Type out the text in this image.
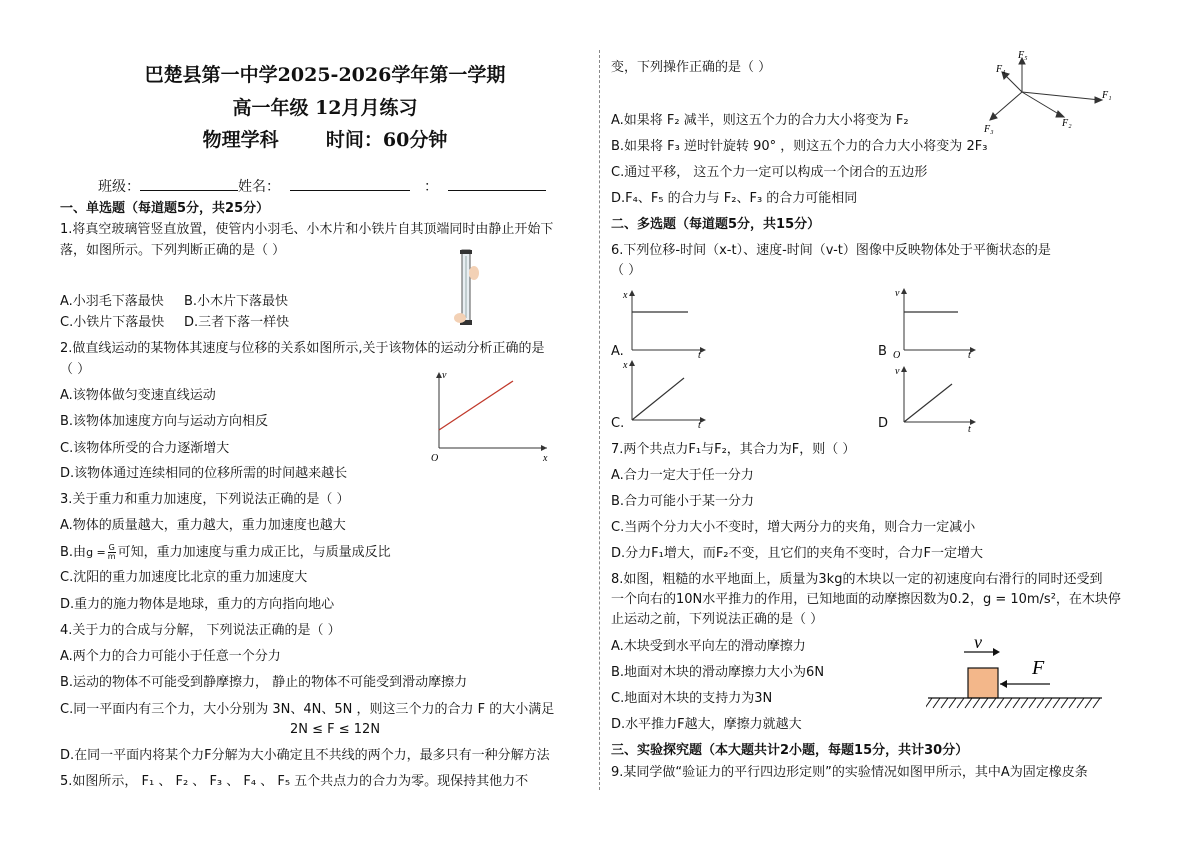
巴楚县第一中学2025-2026学年第一学期
高一年级 12月月练习
物理学科 时间：60分钟
班级：	姓名：	：
一、单选题（每道题5分，共25分）
1.将真空玻璃管竖直放置，使管内小羽毛、小木片和小铁片自其顶端同时由静止开始下
落，如图所示。下列判断正确的是（ ）
A.小羽毛下落最快 B.小木片下落最快
C.小铁片下落最快 D.三者下落一样快
2.做直线运动的某物体其速度与位移的关系如图所示,关于该物体的运动分析正确的是
（ ）
A.该物体做匀变速直线运动
B.该物体加速度方向与运动方向相反
C.该物体所受的合力逐渐增大
D.该物体通过连续相同的位移所需的时间越来越长
v
O	x
3.关于重力和重力加速度，下列说法正确的是（ ）
A.物体的质量越大，重力越大，重力加速度也越大
B.由$g = \frac{G}{m}$ 可知，重力加速度与重力成正比，与质量成反比
C.沈阳的重力加速度比北京的重力加速度大
D.重力的施力物体是地球，重力的方向指向地心
4.关于力的合成与分解， 下列说法正确的是（ ）
A.两个力的合力可能小于任意一个分力
B.运动的物体不可能受到静摩擦力， 静止的物体不可能受到滑动摩擦力
C.同一平面内有三个力，大小分别为 3N、4N、5N ，则这三个力的合力 F 的大小满足
2N ≤ F ≤ 12N
D.在同一平面内将某个力F分解为大小确定且不共线的两个力，最多只有一种分解方法
5.如图所示， F₁ 、 F₂ 、 F₃ 、 F₄ 、 F₅ 五个共点力的合力为零。现保持其他力不
变，下列操作正确的是（ ）
F₅
F₄
F₁
F₂
F₃
A.如果将 F₂ 减半，则这五个力的合力大小将变为 F₂
B.如果将 F₃ 逆时针旋转 90° ，则这五个力的合力大小将变为 2F₃
C.通过平移， 这五个力一定可以构成一个闭合的五边形
D.F₄、F₅ 的合力与 F₂、F₃ 的合力可能相同
二、多选题（每道题5分，共15分）
6.下列位移-时间（x-t）、速度-时间（v-t）图像中反映物体处于平衡状态的是
（ ）
A.
x
t	B
v
O	t
C.
x
t	D
v
t
7.两个共点力F₁与F₂，其合力为F，则（ ）
A.合力一定大于任一分力
B.合力可能小于某一分力
C.当两个分力大小不变时，增大两分力的夹角，则合力一定减小
D.分力F₁增大，而F₂不变，且它们的夹角不变时，合力F一定增大
8.如图，粗糙的水平地面上，质量为3kg的木块以一定的初速度向右滑行的同时还受到
一个向右的10N水平推力的作用，已知地面的动摩擦因数为0.2，g = 10m/s²，在木块停
止运动之前，下列说法正确的是（ ）
A.木块受到水平向左的滑动摩擦力
B.地面对木块的滑动摩擦力大小为6N
C.地面对木块的支持力为3N
D.水平推力F越大，摩擦力就越大
v
F
三、实验探究题（本大题共计2小题，每题15分，共计30分）
9.某同学做“验证力的平行四边形定则”的实验情况如图甲所示，其中A为固定橡皮条
